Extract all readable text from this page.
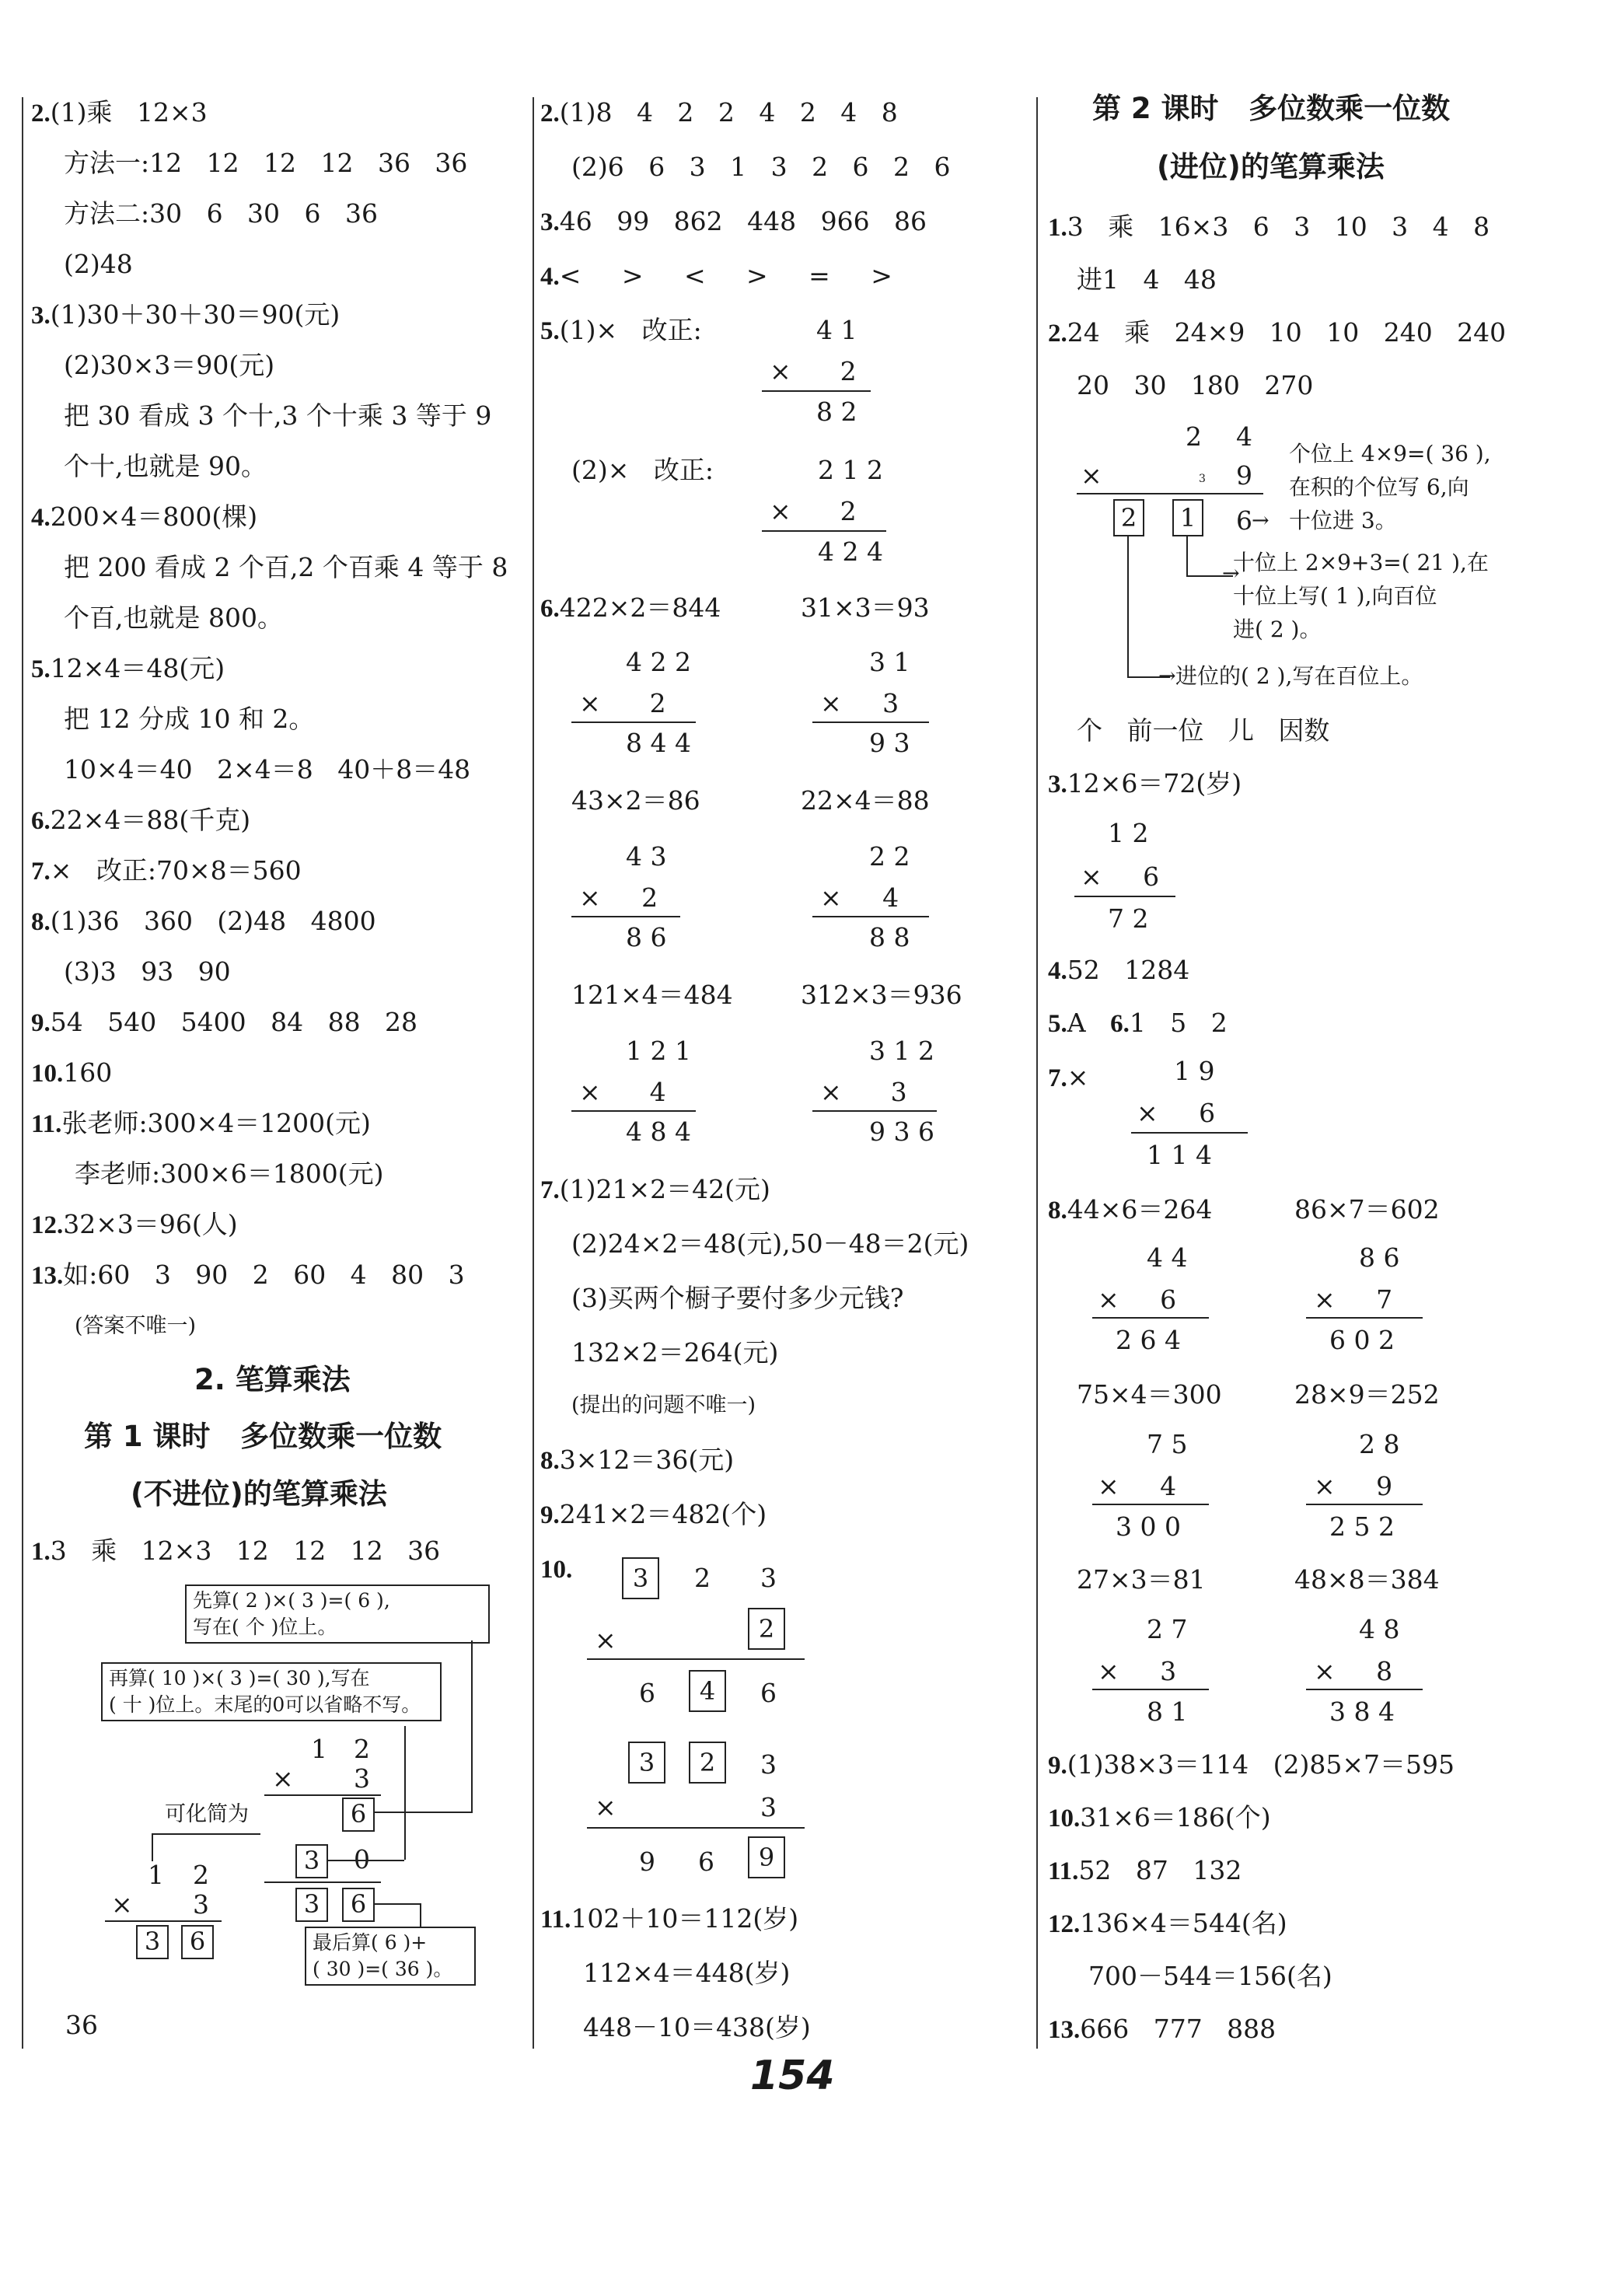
2.(1)乘   12×3
方法一:12   12   12   12   36   36
方法二:30   6   30   6   36
(2)48
3.(1)30＋30＋30＝90(元)
(2)30×3＝90(元)
把 30 看成 3 个十,3 个十乘 3 等于 9
个十,也就是 90。
4.200×4＝800(棵)
把 200 看成 2 个百,2 个百乘 4 等于 8
个百,也就是 800。
5.12×4＝48(元)
把 12 分成 10 和 2。
10×4＝40   2×4＝8   40＋8＝48
6.22×4＝88(千克)
7.×   改正:70×8＝560
8.(1)36   360   (2)48   4800
(3)3   93   90
9.54   540   5400   84   88   28
10.160
11.张老师:300×4＝1200(元)
李老师:300×6＝1800(元)
12.32×3＝96(人)
13.如:60   3   90   2   60   4   80   3
(答案不唯一)
2. 笔算乘法
第 1 课时   多位数乘一位数
(不进位)的笔算乘法
1.3   乘   12×3   12   12   12   36
先算( 2 )×( 3 )=( 6 ),
写在( 个 )位上。
再算( 10 )×( 3 )=( 30 ),写在
( 十 )位上。末尾的0可以省略不写。
1 2
× 3
6
3	0
3	6
可化简为
1 2
× 3
3	6	最后算( 6 )+
( 30 )=( 36 )。
36
2.(1)8   4   2   2   4   2   4   8
(2)6   6   3   1   3   2   6   2   6
3.46   99   862   448   966   86
4.<     >     <     >     =     >
5.(1)×   改正:	4 1
×      2
8 2
(2)×   改正:	2 1 2
×      2
4 2 4
6.422×2＝844	31×3＝93
4 2 2
×      2
8 4 4
3 1
×     3
9 3
43×2＝86	22×4＝88
4 3
×     2
8 6
2 2
×     4
8 8
121×4＝484	312×3＝936
1 2 1
×      4
4 8 4
3 1 2
×      3
9 3 6
7.(1)21×2＝42(元)
(2)24×2＝48(元),50－48＝2(元)
(3)买两个橱子要付多少元钱?
132×2＝264(元)
(提出的问题不唯一)
8.3×12＝36(元)
9.241×2＝482(个)
10.	3	2 3
×	2
6	4	6
3	2	3
×	3
9 6	9
11.102＋10＝112(岁)
112×4＝448(岁)
448－10＝438(岁)
第 2 课时   多位数乘一位数
(进位)的笔算乘法
1.3   乘   16×3   6   3   10   3   4   8
进1   4   48
2.24   乘   24×9   10   10   240   240
20   30   180   270
2 4
×	3 9
2	1 6 →
个位上 4×9=( 36 ),
在积的个位写 6,向
十位进 3。
→
十位上 2×9+3=( 21 ),在
十位上写( 1 ),向百位
进( 2 )。
→ 进位的( 2 ),写在百位上。
个   前一位   儿   因数
3.12×6＝72(岁)
1 2
×     6
7 2
4.52   1284
5.A   6.1   5   2
7.×	1 9
×     6
1 1 4
8.44×6＝264	86×7＝602
4 4
×     6
2 6 4
8 6
×     7
6 0 2
75×4＝300	28×9＝252
7 5
×     4
3 0 0
2 8
×     9
2 5 2
27×3＝81	48×8＝384
2 7
×     3
8 1
4 8
×     8
3 8 4
9.(1)38×3＝114   (2)85×7＝595
10.31×6＝186(个)
11.52   87   132
12.136×4＝544(名)
700－544＝156(名)
13.666   777   888
154
